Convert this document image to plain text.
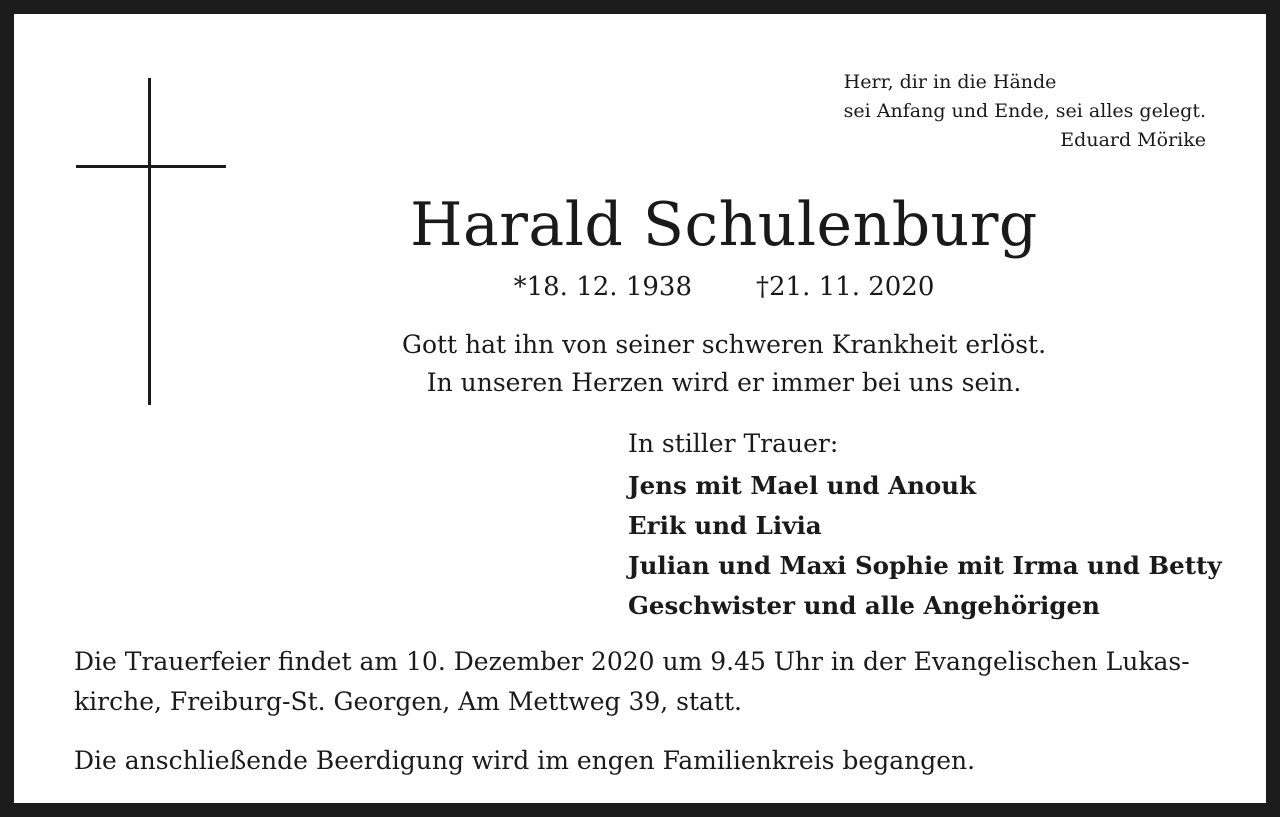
Herr, dir in die Hände
sei Anfang und Ende, sei alles gelegt.
Eduard Mörike
Harald Schulenburg
*18. 12. 1938 †21. 11. 2020
Gott hat ihn von seiner schweren Krankheit erlöst.
In unseren Herzen wird er immer bei uns sein.
In stiller Trauer:
Jens mit Mael und Anouk
Erik und Livia
Julian und Maxi Sophie mit Irma und Betty
Geschwister und alle Angehörigen
Die Trauerfeier findet am 10. Dezember 2020 um 9.45 Uhr in der Evangelischen Lukas-
kirche, Freiburg-St. Georgen, Am Mettweg 39, statt.
Die anschließende Beerdigung wird im engen Familienkreis begangen.
